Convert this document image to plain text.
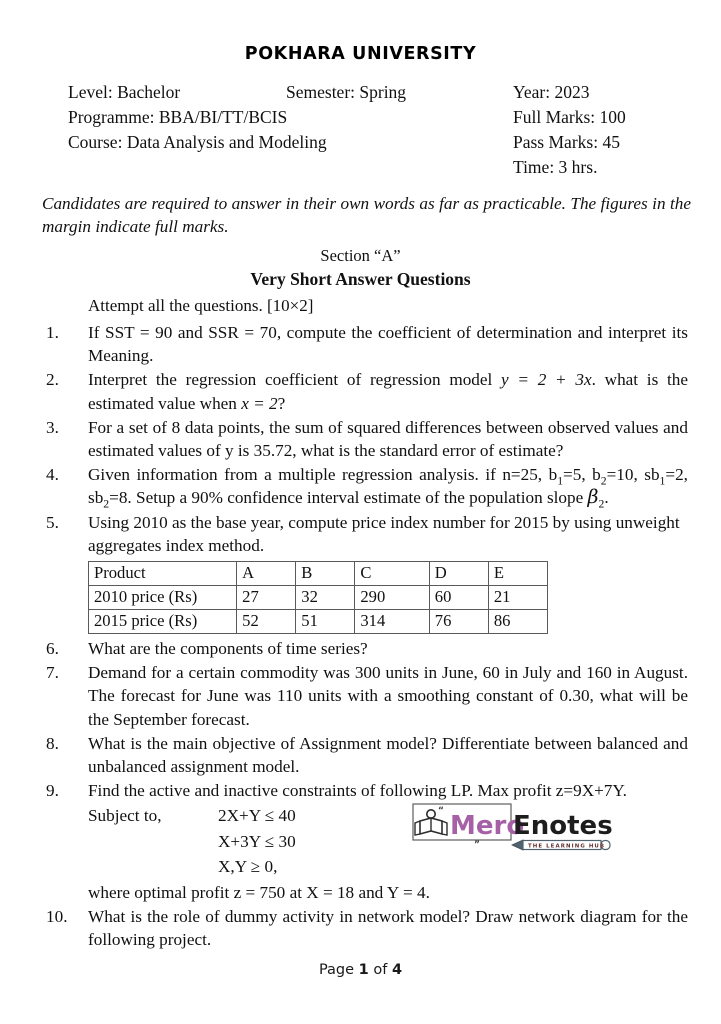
POKHARA UNIVERSITY
Level: Bachelor	Semester: Spring	Year: 2023
Programme: BBA/BI/TT/BCIS	Full Marks: 100
Course: Data Analysis and Modeling	Pass Marks: 45
Time: 3 hrs.
Candidates are required to answer in their own words as far as practicable. The figures in the margin indicate full marks.
Section “A”
Very Short Answer Questions
Attempt all the questions. [10×2]
1.	If SST = 90 and SSR = 70, compute the coefficient of determination and interpret its Meaning.
2.	Interpret the regression coefficient of regression model y = 2 + 3x. what is the estimated value when x = 2?
3.	For a set of 8 data points, the sum of squared differences between observed values and estimated values of y is 35.72, what is the standard error of estimate?
4.	Given information from a multiple regression analysis. if n=25, $b_1=5$, $b_2=10$, $sb_1=2$, $sb_2=8$. Setup a 90% confidence interval estimate of the population slope $\beta_2$.
5.	Using 2010 as the base year, compute price index number for 2015 by using unweight aggregates index method.
Product	A	B	C	D	E
2010 price (Rs)	27	32	290	60	21
2015 price (Rs)	52	51	314	76	86
6.	What are the components of time series?
7.	Demand for a certain commodity was 300 units in June, 60 in July and 160 in August. The forecast for June was 110 units with a smoothing constant of 0.30, what will be the September forecast.
8.	What is the main objective of Assignment model? Differentiate between balanced and unbalanced assignment model.
9.	Find the active and inactive constraints of following LP. Max profit z=9X+7Y.
Subject to,	2X+Y ≤ 40
X+3Y ≤ 30
X,Y ≥ 0,
where optimal profit z = 750 at X = 18 and Y = 4.
10.	What is the role of dummy activity in network model? Draw network diagram for the following project.
“
”
Mero
Enotes
THE LEARNING HUB
Page 1 of 4
